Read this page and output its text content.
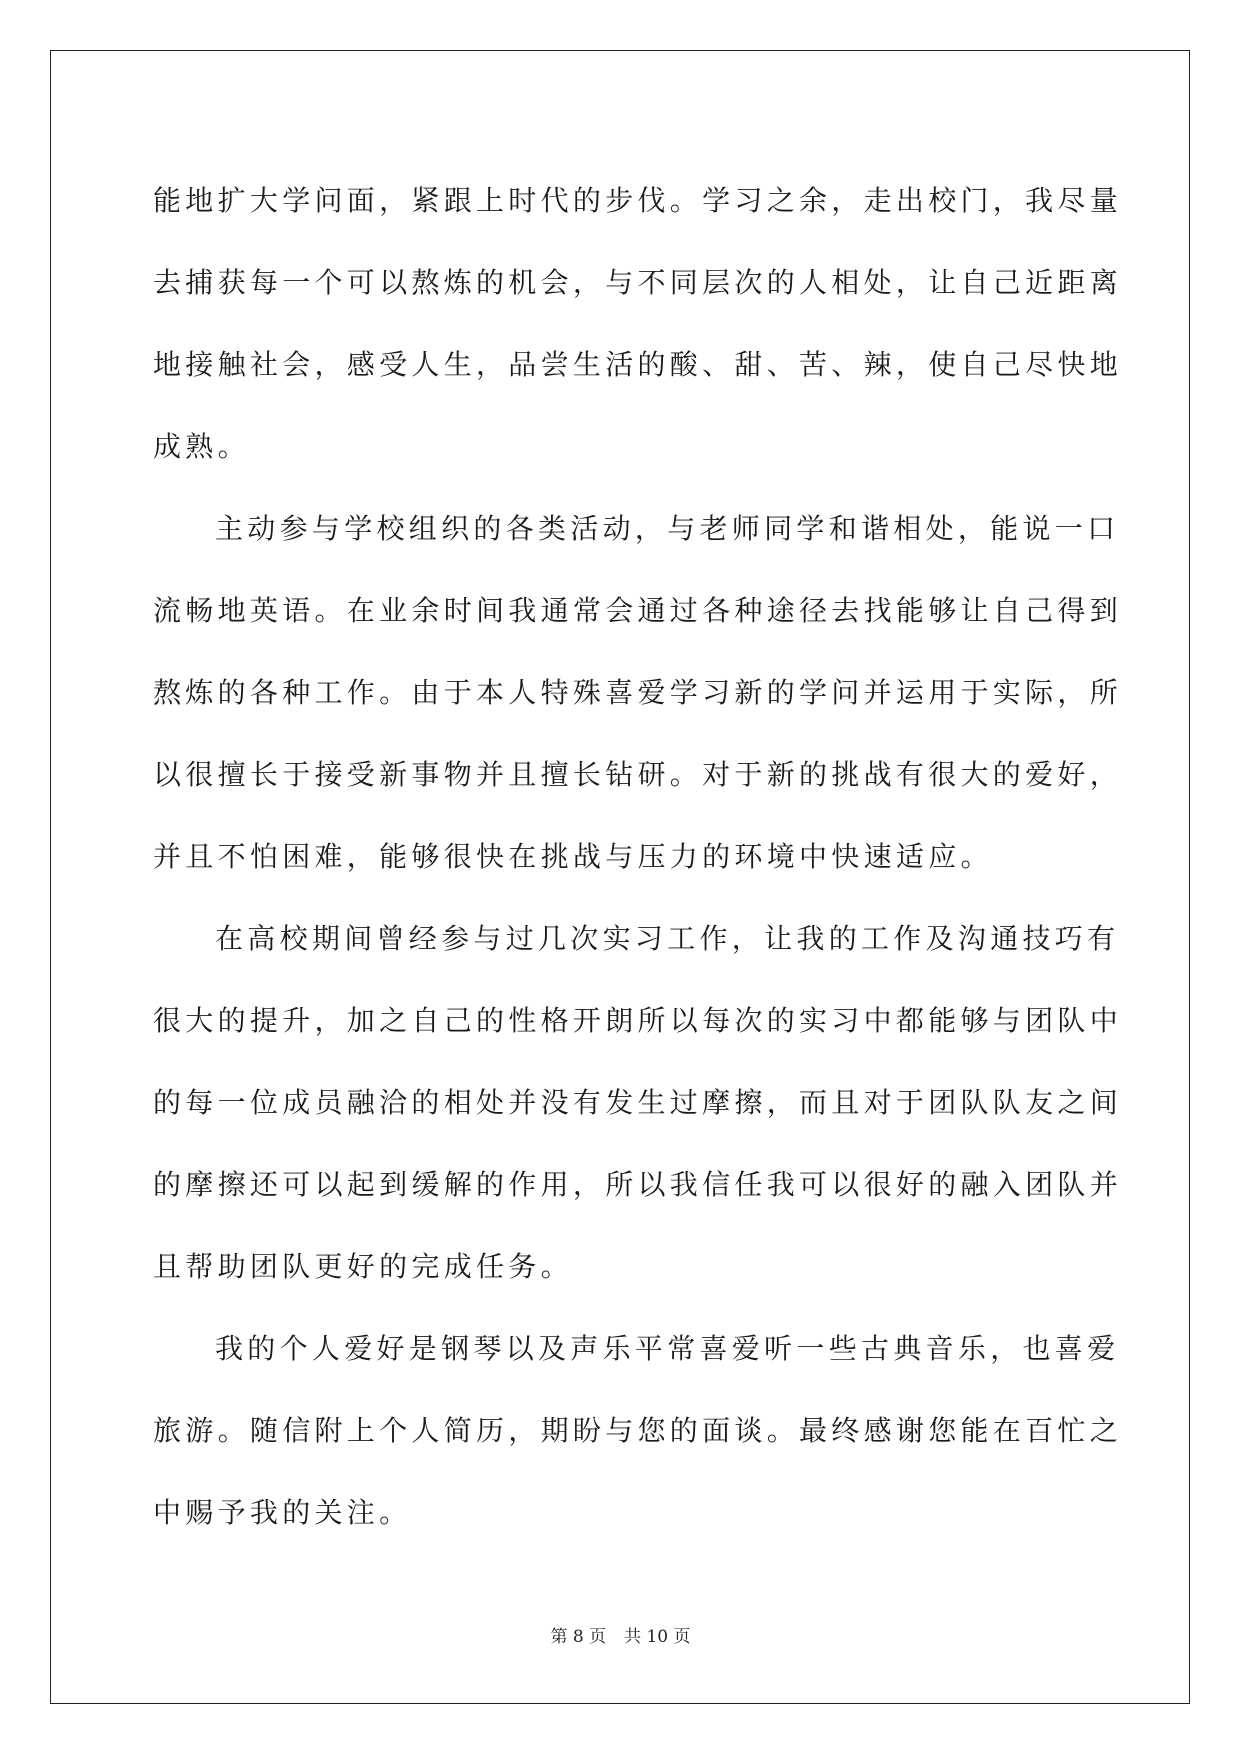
能地扩大学问面，紧跟上时代的步伐。学习之余，走出校门，我尽量
去捕获每一个可以熬炼的机会，与不同层次的人相处，让自己近距离
地接触社会，感受人生，品尝生活的酸、甜、苦、辣，使自己尽快地
成熟。
主动参与学校组织的各类活动，与老师同学和谐相处，能说一口
流畅地英语。在业余时间我通常会通过各种途径去找能够让自己得到
熬炼的各种工作。由于本人特殊喜爱学习新的学问并运用于实际，所
以很擅长于接受新事物并且擅长钻研。对于新的挑战有很大的爱好，
并且不怕困难，能够很快在挑战与压力的环境中快速适应。
在高校期间曾经参与过几次实习工作，让我的工作及沟通技巧有
很大的提升，加之自己的性格开朗所以每次的实习中都能够与团队中
的每一位成员融洽的相处并没有发生过摩擦，而且对于团队队友之间
的摩擦还可以起到缓解的作用，所以我信任我可以很好的融入团队并
且帮助团队更好的完成任务。
我的个人爱好是钢琴以及声乐平常喜爱听一些古典音乐，也喜爱
旅游。随信附上个人简历，期盼与您的面谈。最终感谢您能在百忙之
中赐予我的关注。
第 8 页 共 10 页
